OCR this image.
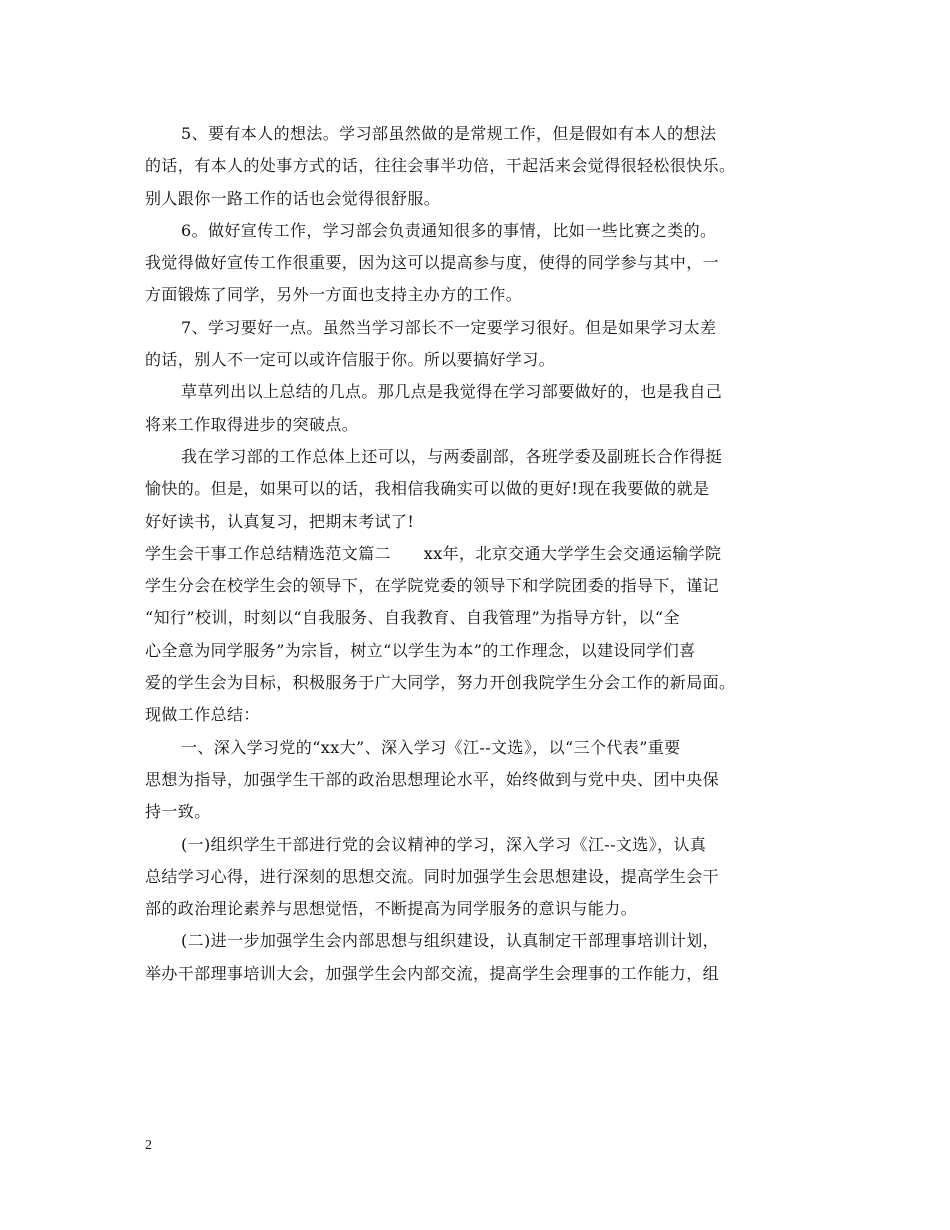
5、要有本人的想法。学习部虽然做的是常规工作，但是假如有本人的想法
的话，有本人的处事方式的话，往往会事半功倍，干起活来会觉得很轻松很快乐。
别人跟你一路工作的话也会觉得很舒服。
6。做好宣传工作，学习部会负责通知很多的事情，比如一些比赛之类的。
我觉得做好宣传工作很重要，因为这可以提高参与度，使得的同学参与其中，一
方面锻炼了同学，另外一方面也支持主办方的工作。
7、学习要好一点。虽然当学习部长不一定要学习很好。但是如果学习太差
的话，别人不一定可以或许信服于你。所以要搞好学习。
草草列出以上总结的几点。那几点是我觉得在学习部要做好的，也是我自己
将来工作取得进步的突破点。
我在学习部的工作总体上还可以，与两委副部，各班学委及副班长合作得挺
愉快的。但是，如果可以的话，我相信我确实可以做的更好!现在我要做的就是
好好读书，认真复习，把期末考试了!
学生会干事工作总结精选范文篇二　　xx年，北京交通大学学生会交通运输学院
学生分会在校学生会的领导下，在学院党委的领导下和学院团委的指导下，谨记
“知行”校训，时刻以“自我服务、自我教育、自我管理”为指导方针，以“全
心全意为同学服务”为宗旨，树立“以学生为本”的工作理念，以建设同学们喜
爱的学生会为目标，积极服务于广大同学，努力开创我院学生分会工作的新局面。
现做工作总结：
一、深入学习党的“xx大”、深入学习《江--文选》，以“三个代表”重要
思想为指导，加强学生干部的政治思想理论水平，始终做到与党中央、团中央保
持一致。
(一)组织学生干部进行党的会议精神的学习，深入学习《江--文选》，认真
总结学习心得，进行深刻的思想交流。同时加强学生会思想建设，提高学生会干
部的政治理论素养与思想觉悟，不断提高为同学服务的意识与能力。
(二)进一步加强学生会内部思想与组织建设，认真制定干部理事培训计划，
举办干部理事培训大会，加强学生会内部交流，提高学生会理事的工作能力，组
2
